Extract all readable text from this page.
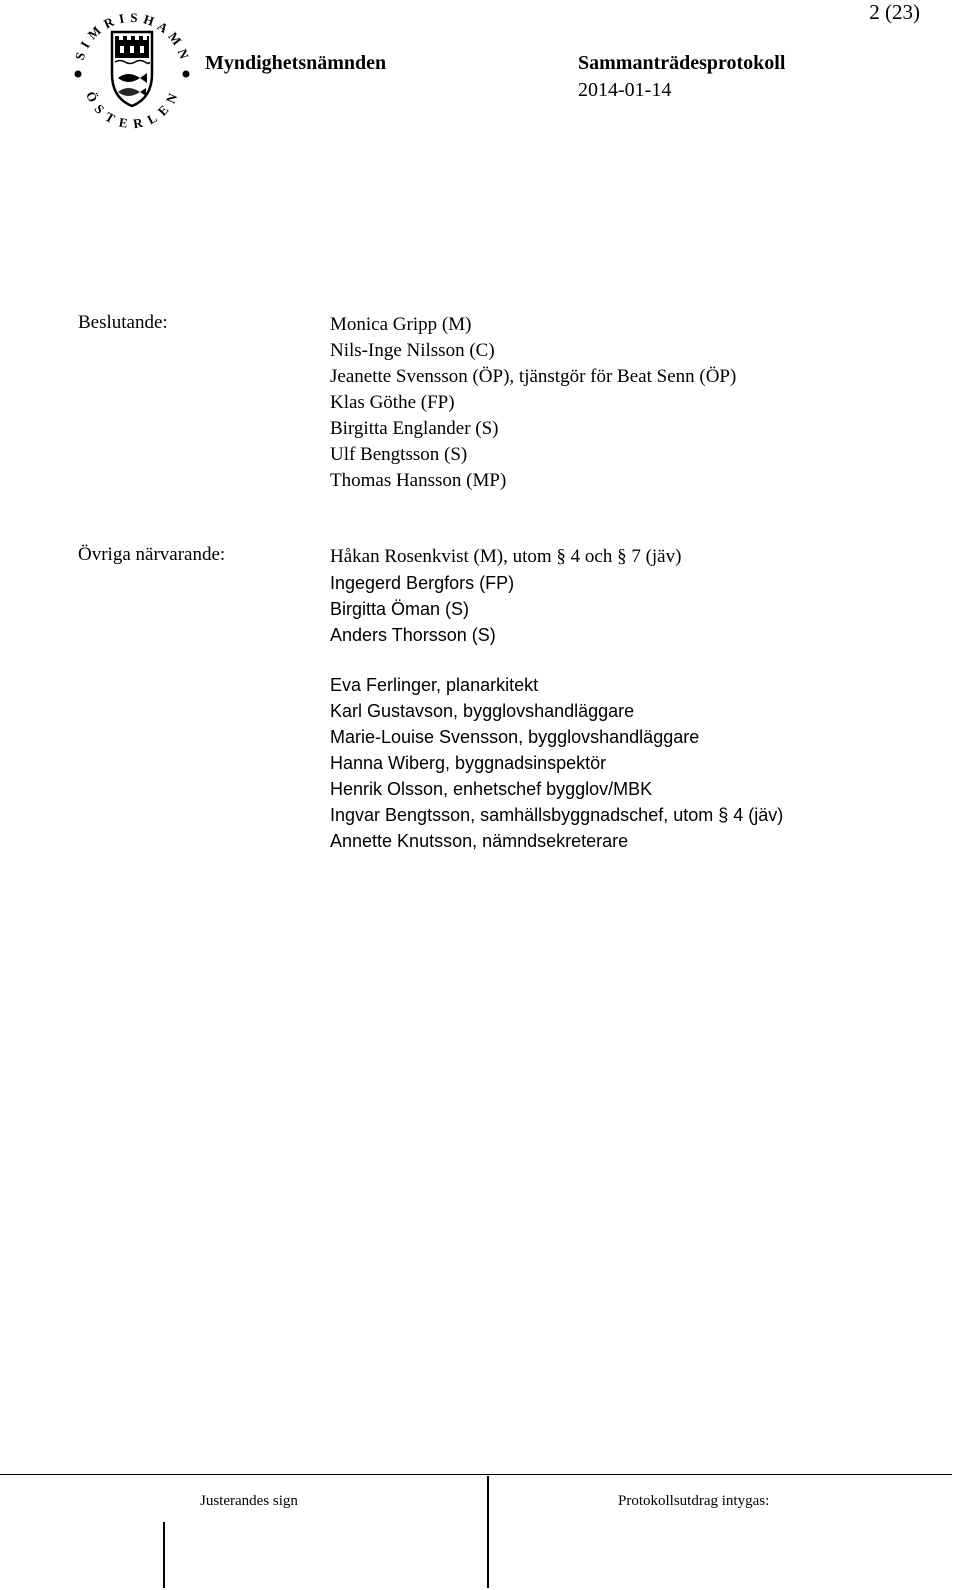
2 (23)
S I M R I S H A M N
Ö S T E R L E N
Myndighetsnämnden	Sammanträdesprotokoll
2014-01-14
Beslutande:	Monica Gripp (M)
Nils-Inge Nilsson (C)
Jeanette Svensson (ÖP), tjänstgör för Beat Senn (ÖP)
Klas Göthe (FP)
Birgitta Englander (S)
Ulf Bengtsson (S)
Thomas Hansson (MP)
Övriga närvarande:	Håkan Rosenkvist (M), utom § 4 och § 7 (jäv)
Ingegerd Bergfors (FP)
Birgitta Öman (S)
Anders Thorsson (S)
Eva Ferlinger, planarkitekt
Karl Gustavson, bygglovshandläggare
Marie-Louise Svensson, bygglovshandläggare
Hanna Wiberg, byggnadsinspektör
Henrik Olsson, enhetschef bygglov/MBK
Ingvar Bengtsson, samhällsbyggnadschef, utom § 4 (jäv)
Annette Knutsson, nämndsekreterare
Justerandes sign	Protokollsutdrag intygas:
